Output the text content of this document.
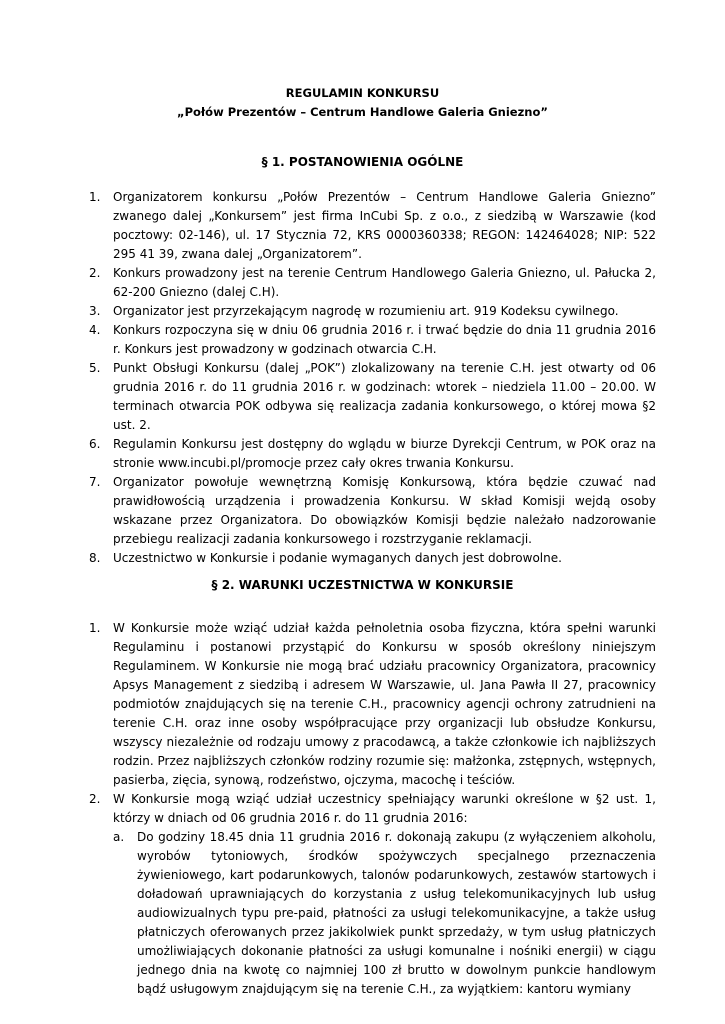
REGULAMIN KONKURSU
„Połów Prezentów – Centrum Handlowe Galeria Gniezno”
§ 1. POSTANOWIENIA OGÓLNE
1. Organizatorem konkursu „Połów Prezentów – Centrum Handlowe Galeria Gniezno” zwanego dalej „Konkursem” jest firma InCubi Sp. z o.o., z siedzibą w Warszawie (kod pocztowy: 02-146), ul. 17 Stycznia 72, KRS 0000360338; REGON: 142464028; NIP: 522 295 41 39, zwana dalej „Organizatorem”.
2. Konkurs prowadzony jest na terenie Centrum Handlowego Galeria Gniezno, ul. Pałucka 2, 62-200 Gniezno (dalej C.H).
3. Organizator jest przyrzekającym nagrodę w rozumieniu art. 919 Kodeksu cywilnego.
4. Konkurs rozpoczyna się w dniu 06 grudnia 2016 r. i trwać będzie do dnia 11 grudnia 2016 r. Konkurs jest prowadzony w godzinach otwarcia C.H.
5. Punkt Obsługi Konkursu (dalej „POK”) zlokalizowany na terenie C.H. jest otwarty od 06 grudnia 2016 r. do 11 grudnia 2016 r. w godzinach: wtorek – niedziela 11.00 – 20.00. W terminach otwarcia POK odbywa się realizacja zadania konkursowego, o której mowa §2 ust. 2.
6. Regulamin Konkursu jest dostępny do wglądu w biurze Dyrekcji Centrum, w POK oraz na stronie www.incubi.pl/promocje przez cały okres trwania Konkursu.
7. Organizator powołuje wewnętrzną Komisję Konkursową, która będzie czuwać nad prawidłowością urządzenia i prowadzenia Konkursu. W skład Komisji wejdą osoby wskazane przez Organizatora. Do obowiązków Komisji będzie należało nadzorowanie przebiegu realizacji zadania konkursowego i rozstrzyganie reklamacji.
8. Uczestnictwo w Konkursie i podanie wymaganych danych jest dobrowolne.
§ 2. WARUNKI UCZESTNICTWA W KONKURSIE
1. W Konkursie może wziąć udział każda pełnoletnia osoba fizyczna, która spełni warunki Regulaminu i postanowi przystąpić do Konkursu w sposób określony niniejszym Regulaminem. W Konkursie nie mogą brać udziału pracownicy Organizatora, pracownicy Apsys Management z siedzibą i adresem W Warszawie, ul. Jana Pawła II 27, pracownicy podmiotów znajdujących się na terenie C.H., pracownicy agencji ochrony zatrudnieni na terenie C.H. oraz inne osoby współpracujące przy organizacji lub obsłudze Konkursu, wszyscy niezależnie od rodzaju umowy z pracodawcą, a także członkowie ich najbliższych rodzin. Przez najbliższych członków rodziny rozumie się: małżonka, zstępnych, wstępnych, pasierba, zięcia, synową, rodzeństwo, ojczyma, macochę i teściów.
2. W Konkursie mogą wziąć udział uczestnicy spełniający warunki określone w §2 ust. 1, którzy w dniach od 06 grudnia 2016 r. do 11 grudnia 2016:
a. Do godziny 18.45 dnia 11 grudnia 2016 r. dokonają zakupu (z wyłączeniem alkoholu, wyrobów tytoniowych, środków spożywczych specjalnego przeznaczenia żywieniowego, kart podarunkowych, talonów podarunkowych, zestawów startowych i doładowań uprawniających do korzystania z usług telekomunikacyjnych lub usług audiowizualnych typu pre-paid, płatności za usługi telekomunikacyjne, a także usług płatniczych oferowanych przez jakikolwiek punkt sprzedaży, w tym usług płatniczych umożliwiających dokonanie płatności za usługi komunalne i nośniki energii) w ciągu jednego dnia na kwotę co najmniej 100 zł brutto w dowolnym punkcie handlowym bądź usługowym znajdującym się na terenie C.H., za wyjątkiem: kantoru wymiany
